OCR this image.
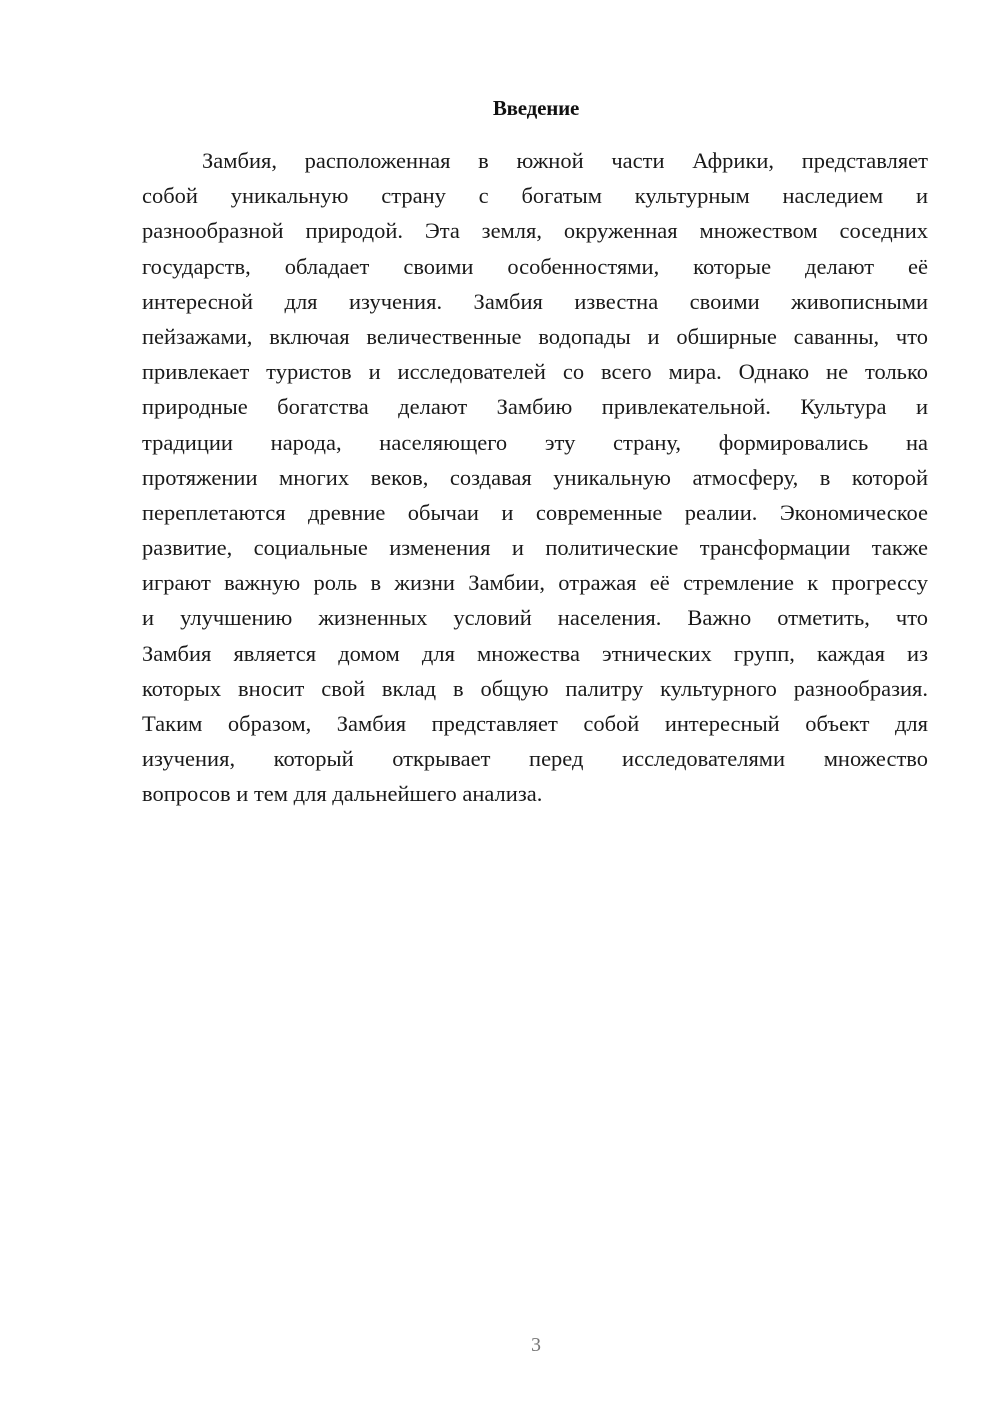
Введение
Замбия, расположенная в южной части Африки, представляет
собой уникальную страну с богатым культурным наследием и
разнообразной природой. Эта земля, окруженная множеством соседних
государств, обладает своими особенностями, которые делают её
интересной для изучения. Замбия известна своими живописными
пейзажами, включая величественные водопады и обширные саванны, что
привлекает туристов и исследователей со всего мира. Однако не только
природные богатства делают Замбию привлекательной. Культура и
традиции народа, населяющего эту страну, формировались на
протяжении многих веков, создавая уникальную атмосферу, в которой
переплетаются древние обычаи и современные реалии. Экономическое
развитие, социальные изменения и политические трансформации также
играют важную роль в жизни Замбии, отражая её стремление к прогрессу
и улучшению жизненных условий населения. Важно отметить, что
Замбия является домом для множества этнических групп, каждая из
которых вносит свой вклад в общую палитру культурного разнообразия.
Таким образом, Замбия представляет собой интересный объект для
изучения, который открывает перед исследователями множество
вопросов и тем для дальнейшего анализа.
3
